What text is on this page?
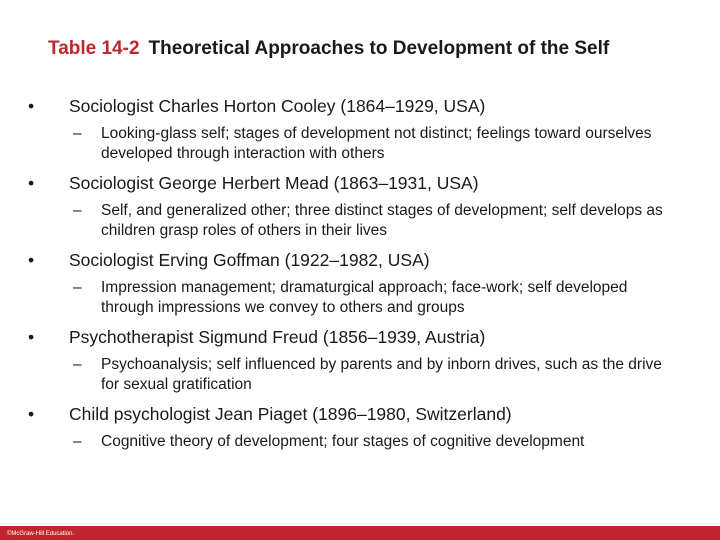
Table 14-2 Theoretical Approaches to Development of the Self
•	Sociologist Charles Horton Cooley (1864–1929, USA)
– Looking-glass self; stages of development not distinct; feelings toward ourselves developed through interaction with others
•	Sociologist George Herbert Mead (1863–1931, USA)
– Self, and generalized other; three distinct stages of development; self develops as children grasp roles of others in their lives
•	Sociologist Erving Goffman (1922–1982, USA)
– Impression management; dramaturgical approach; face-work; self developed through impressions we convey to others and groups
•	Psychotherapist Sigmund Freud (1856–1939, Austria)
– Psychoanalysis; self influenced by parents and by inborn drives, such as the drive for sexual gratification
•	Child psychologist Jean Piaget (1896–1980, Switzerland)
– Cognitive theory of development; four stages of cognitive development
©McGraw-Hill Education.
